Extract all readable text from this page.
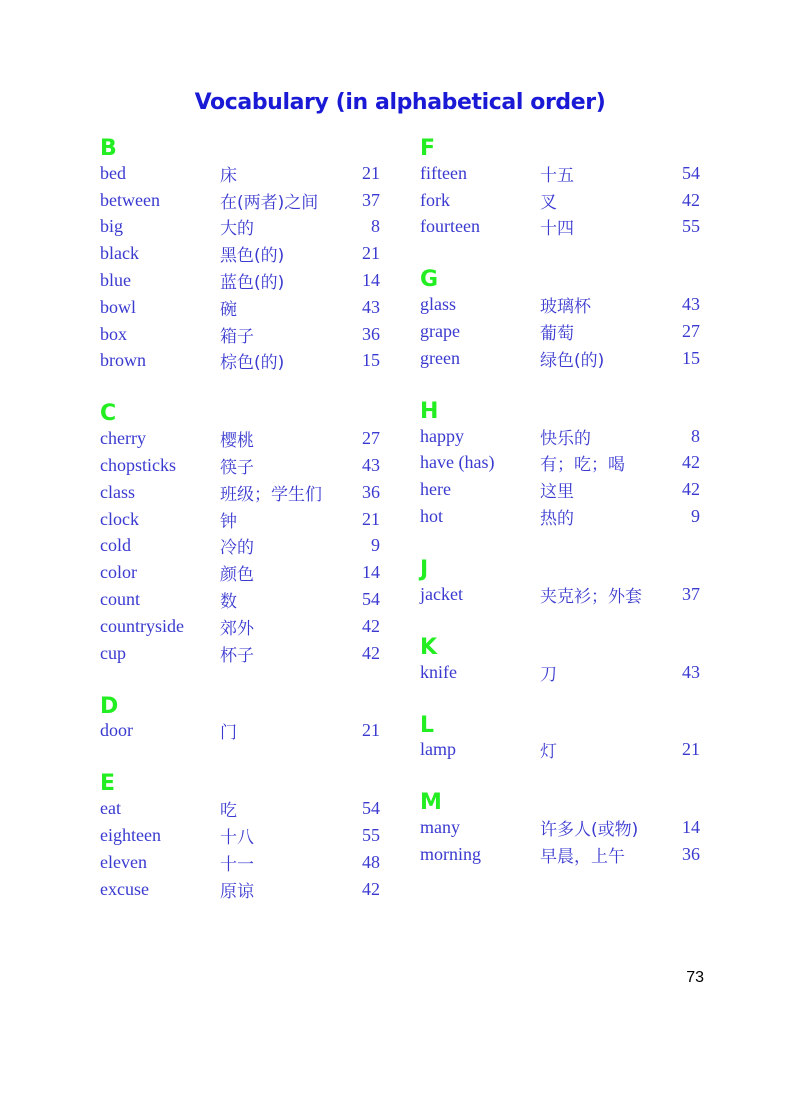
Vocabulary (in alphabetical order)
B
bed	床	21
between	在(两者)之间	37
big	大的	8
black	黑色(的)	21
blue	蓝色(的)	14
bowl	碗	43
box	箱子	36
brown	棕色(的)	15
C
cherry	樱桃	27
chopsticks	筷子	43
class	班级；学生们	36
clock	钟	21
cold	冷的	9
color	颜色	14
count	数	54
countryside	郊外	42
cup	杯子	42
D
door	门	21
E
eat	吃	54
eighteen	十八	55
eleven	十一	48
excuse	原谅	42
F
fifteen	十五	54
fork	叉	42
fourteen	十四	55
G
glass	玻璃杯	43
grape	葡萄	27
green	绿色(的)	15
H
happy	快乐的	8
have (has)	有；吃；喝	42
here	这里	42
hot	热的	9
J
jacket	夹克衫；外套	37
K
knife	刀	43
L
lamp	灯	21
M
many	许多人(或物)	14
morning	早晨，上午	36
73
